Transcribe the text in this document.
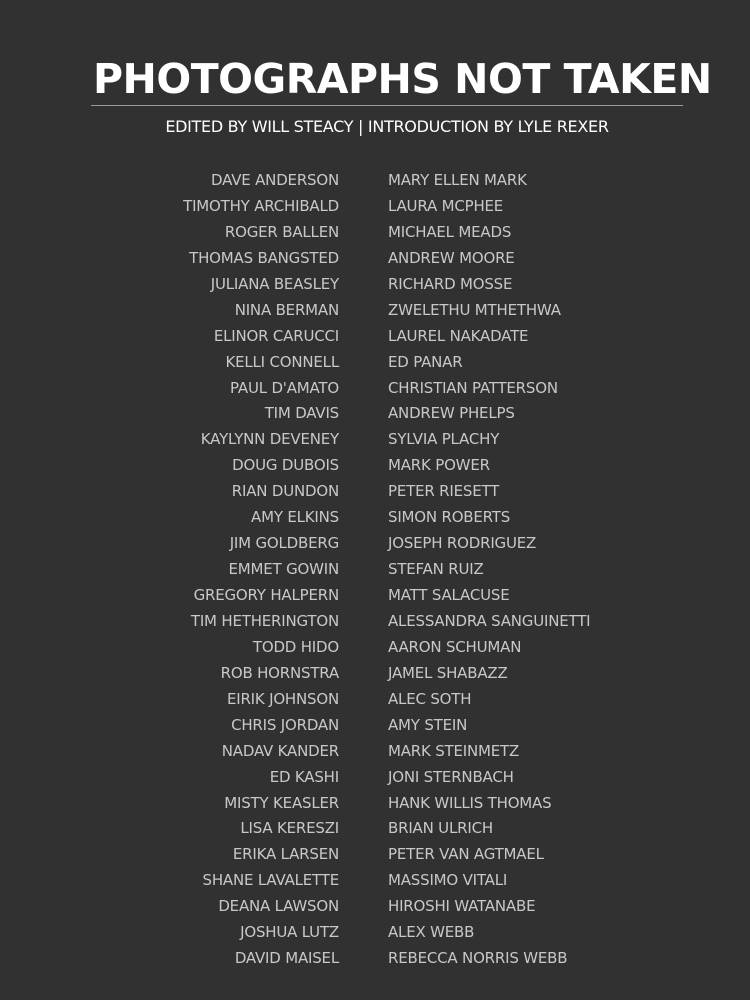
PHOTOGRAPHS NOT TAKEN
EDITED BY WILL STEACY | INTRODUCTION BY LYLE REXER
DAVE ANDERSON
TIMOTHY ARCHIBALD
ROGER BALLEN
THOMAS BANGSTED
JULIANA BEASLEY
NINA BERMAN
ELINOR CARUCCI
KELLI CONNELL
PAUL D'AMATO
TIM DAVIS
KAYLYNN DEVENEY
DOUG DUBOIS
RIAN DUNDON
AMY ELKINS
JIM GOLDBERG
EMMET GOWIN
GREGORY HALPERN
TIM HETHERINGTON
TODD HIDO
ROB HORNSTRA
EIRIK JOHNSON
CHRIS JORDAN
NADAV KANDER
ED KASHI
MISTY KEASLER
LISA KERESZI
ERIKA LARSEN
SHANE LAVALETTE
DEANA LAWSON
JOSHUA LUTZ
DAVID MAISEL
MARY ELLEN MARK
LAURA MCPHEE
MICHAEL MEADS
ANDREW MOORE
RICHARD MOSSE
ZWELETHU MTHETHWA
LAUREL NAKADATE
ED PANAR
CHRISTIAN PATTERSON
ANDREW PHELPS
SYLVIA PLACHY
MARK POWER
PETER RIESETT
SIMON ROBERTS
JOSEPH RODRIGUEZ
STEFAN RUIZ
MATT SALACUSE
ALESSANDRA SANGUINETTI
AARON SCHUMAN
JAMEL SHABAZZ
ALEC SOTH
AMY STEIN
MARK STEINMETZ
JONI STERNBACH
HANK WILLIS THOMAS
BRIAN ULRICH
PETER VAN AGTMAEL
MASSIMO VITALI
HIROSHI WATANABE
ALEX WEBB
REBECCA NORRIS WEBB
